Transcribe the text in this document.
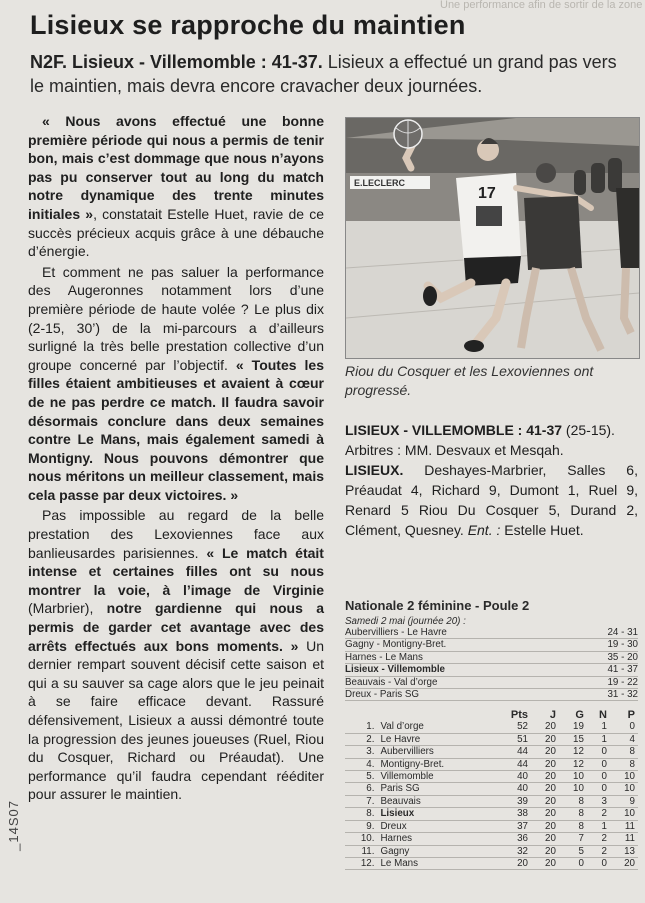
Une performance afin de sortir de la zone
Lisieux se rapproche du maintien
N2F. Lisieux - Villemomble : 41-37. Lisieux a effectué un grand pas vers le maintien, mais devra encore cravacher deux journées.

« Nous avons effectué une bonne première période qui nous a permis de tenir bon, mais c’est dommage que nous n’ayons pas pu conserver tout au long du match notre dynamique des trente minutes initiales », constatait Estelle Huet, ravie de ce succès précieux acquis grâce à une débauche d’énergie.

Et comment ne pas saluer la performance des Augeronnes notamment lors d’une première période de haute volée ? Le plus dix (2-15, 30’) de la mi-parcours a d’ailleurs surligné la très belle prestation collective d’un groupe concerné par l’objectif. « Toutes les filles étaient ambitieuses et avaient à cœur de ne pas perdre ce match. Il faudra savoir désormais conclure dans deux semaines contre Le Mans, mais également samedi à Montigny. Nous pouvons démontrer que nous méritons un meilleur classement, mais cela passe par deux victoires. »

Pas impossible au regard de la belle prestation des Lexoviennes face aux banlieusardes parisiennes. « Le match était intense et certaines filles ont su nous montrer la voie, à l’image de Virginie (Marbrier), notre gardienne qui nous a permis de garder cet avantage avec des arrêts effectués aux bons moments. » Un dernier rempart souvent décisif cette saison et qui a su sauver sa cage alors que le jeu peinait à se faire efficace devant. Rassuré défensivement, Lisieux a aussi démontré toute la progression des jeunes joueuses (Ruel, Riou du Cosquer, Richard ou Préaudat). Une performance qu’il faudra cependant rééditer pour assurer le maintien.

_14S07
E.LECLERC
17
Riou du Cosquer et les Lexoviennes ont progressé.

LISIEUX - VILLEMOMBLE : 41-37 (25-15).

Arbitres : MM. Desvaux et Mesqah.

LISIEUX. Deshayes-Marbrier, Salles 6, Préaudat 4, Richard 9, Dumont 1, Ruel 9, Renard 5 Riou Du Cosquer 5, Durand 2, Clément, Quesney. Ent. : Estelle Huet.

Nationale 2 féminine - Poule 2
Samedi 2 mai (journée 20) :
Aubervilliers - Le Havre	24 - 31
Gagny - Montigny-Bret.	19 - 30
Harnes - Le Mans	35 - 20
Lisieux - Villemomble	41 - 37
Beauvais - Val d’orge	19 - 22
Dreux - Paris SG	31 - 32
		Pts	J	G	N	P
1.	Val d’orge	52	20	19	1	0
2.	Le Havre	51	20	15	1	4
3.	Aubervilliers	44	20	12	0	8
4.	Montigny-Bret.	44	20	12	0	8
5.	Villemomble	40	20	10	0	10
6.	Paris SG	40	20	10	0	10
7.	Beauvais	39	20	8	3	9
8.	Lisieux	38	20	8	2	10
9.	Dreux	37	20	8	1	11
10.	Harnes	36	20	7	2	11
11.	Gagny	32	20	5	2	13
12.	Le Mans	20	20	0	0	20
